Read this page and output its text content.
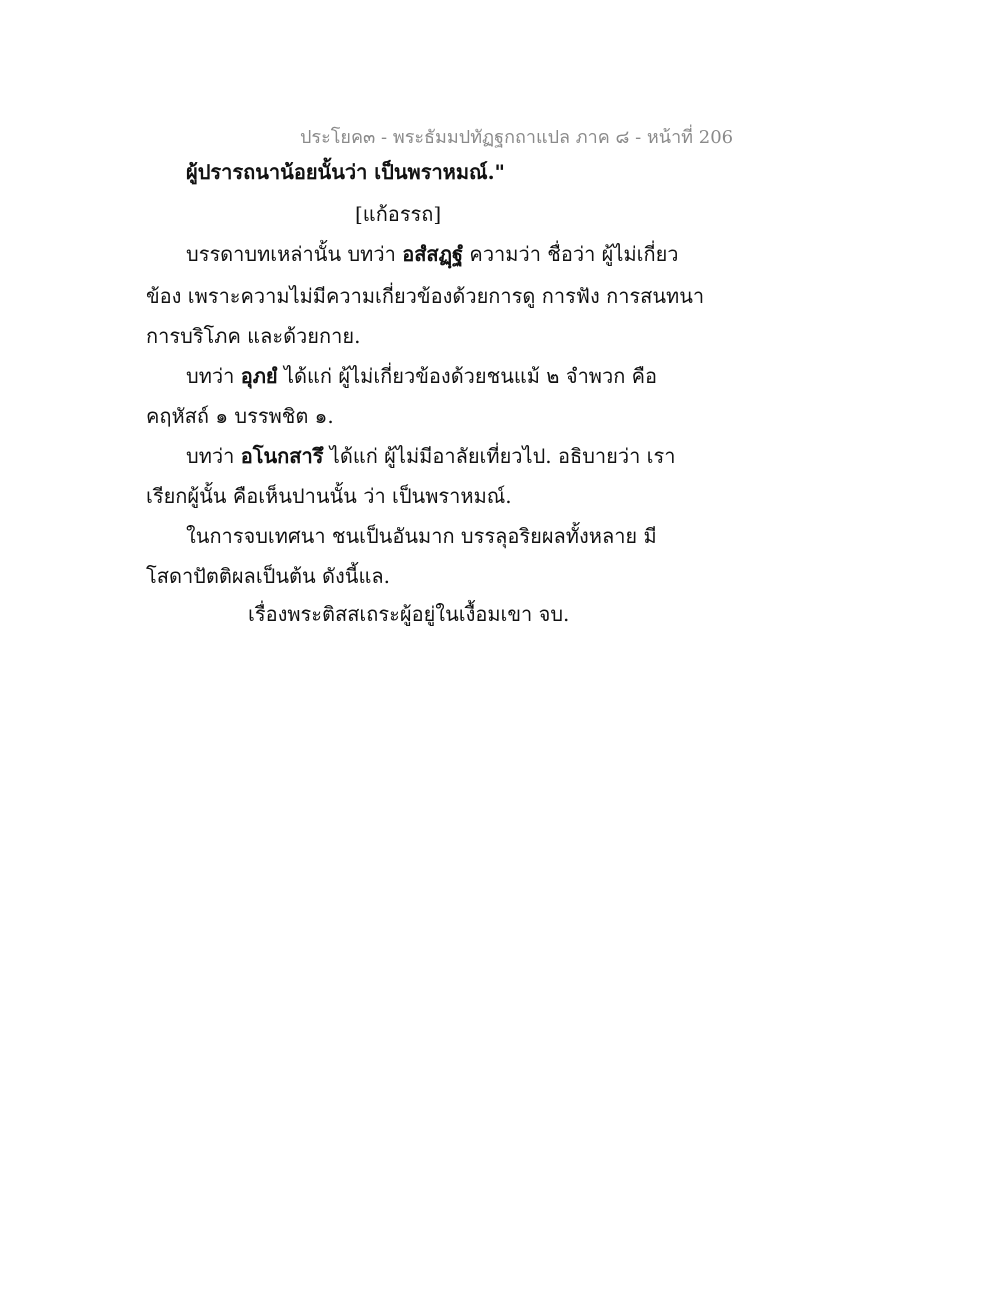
ประโยค๓ - พระธัมมปทัฏฐกถาแปล ภาค ๘ - หน้าที่ 206
ผู้ปรารถนาน้อยนั้นว่า เป็นพราหมณ์."
[แก้อรรถ]
บรรดาบทเหล่านั้น บทว่า อสํสฏฺฐํ ความว่า ชื่อว่า ผู้ไม่เกี่ยว
ข้อง เพราะความไม่มีความเกี่ยวข้องด้วยการดู การฟัง การสนทนา
การบริโภค และด้วยกาย.
บทว่า อุภยํ ได้แก่ ผู้ไม่เกี่ยวข้องด้วยชนแม้ ๒ จำพวก คือ
คฤหัสถ์ ๑ บรรพชิต ๑.
บทว่า อโนกสารึ ได้แก่ ผู้ไม่มีอาลัยเที่ยวไป. อธิบายว่า เรา
เรียกผู้นั้น คือเห็นปานนั้น ว่า เป็นพราหมณ์.
ในการจบเทศนา ชนเป็นอันมาก บรรลุอริยผลทั้งหลาย มี
โสดาปัตติผลเป็นต้น ดังนี้แล.
เรื่องพระติสสเถระผู้อยู่ในเงื้อมเขา จบ.
